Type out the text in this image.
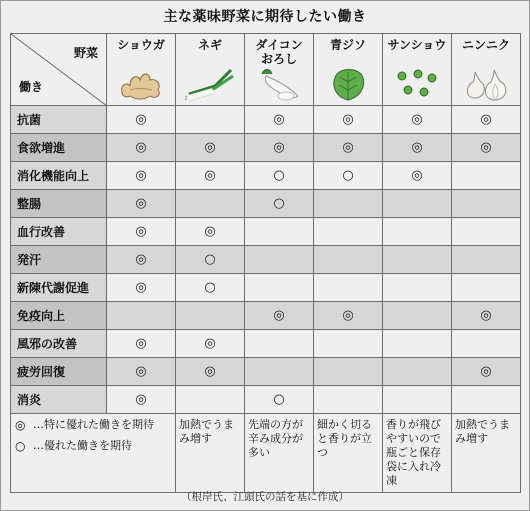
主な薬味野菜に期待したい働き
野菜
働き	ショウガ	ネギ	ダイコン
おろし	青ジソ	サンショウ	ニンニク

抗菌	◎		◎	◎	◎	◎
食欲増進	◎	◎	◎	◎	◎	◎
消化機能向上	◎	◎	○	○	◎	
整腸	◎		○			
血行改善	◎	◎				
発汗	◎	○				
新陳代謝促進	◎	○				
免疫向上			◎	◎		◎
風邪の改善	◎	◎				
疲労回復	◎	◎				◎
消炎	◎		○			

◎ …特に優れた働きを期待
○ …優れた働きを期待		加熱でうまみ増す	先端の方が辛み成分が多い	細かく切ると香りが立つ	香りが飛びやすいので瓶ごと保存袋に入れ冷凍	加熱でうまみ増す
（根岸氏、江頭氏の話を基に作成）
